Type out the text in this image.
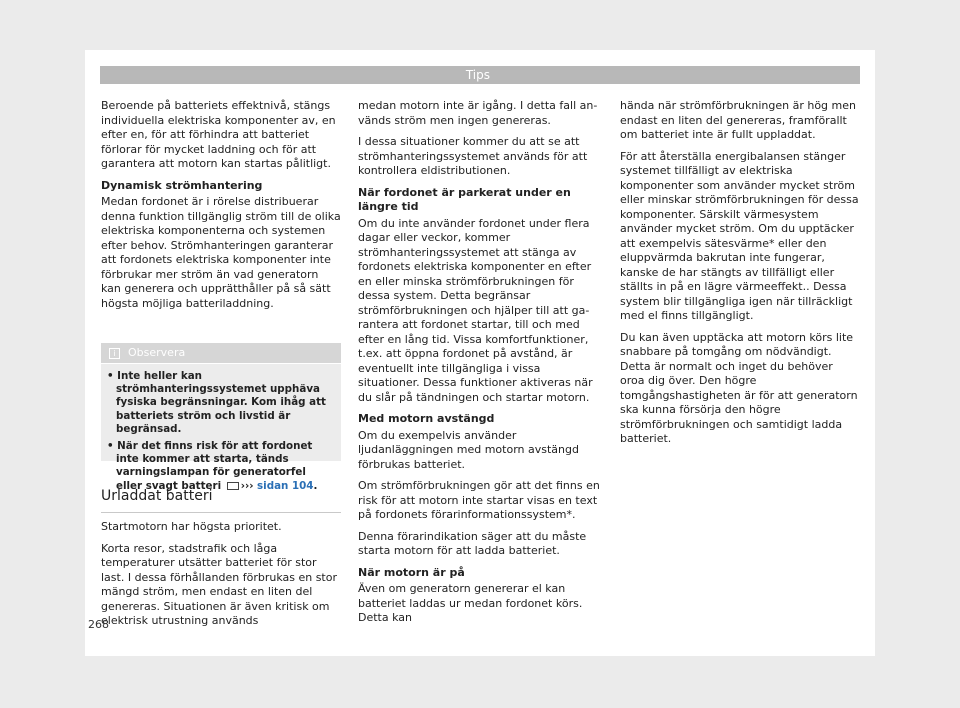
Tips

Beroende på batteriets effektnivå, stängs individuella elektriska komponenter av, en efter en, för att förhindra att batteriet förlorar för mycket laddning och för att garantera att motorn kan startas pålitligt.

Dynamisk strömhantering

Medan fordonet är i rörelse distribuerar denna funktion tillgänglig ström till de olika elektriska komponenterna och systemen efter behov. Strömhanteringen garanterar att fordonets elektriska komponenter inte förbrukar mer ström än vad generatorn kan generera och upprätthåller på så sätt högsta möjliga batteriladdning.

i Observera
• Inte heller kan strömhanteringssystemet upphäva fysiska begränsningar. Kom ihåg att batteriets ström och livstid är begränsad.
• När det finns risk för att fordonet inte kommer att starta, tänds varningslampan för generatorfel eller svagt batteri ››› sidan 104.
Urladdat batteri

Startmotorn har högsta prioritet.

Korta resor, stadstrafik och låga temperaturer utsätter batteriet för stor last. I dessa förhållanden förbrukas en stor mängd ström, men endast en liten del genereras. Situationen är även kritisk om elektrisk utrustning används

medan motorn inte är igång. I detta fall används ström men ingen genereras.

I dessa situationer kommer du att se att strömhanteringssystemet används för att kontrollera eldistributionen.

När fordonet är parkerat under en längre tid

Om du inte använder fordonet under flera dagar eller veckor, kommer strömhanteringssystemet att stänga av fordonets elektriska komponenter en efter en eller minska strömförbrukningen för dessa system. Detta begränsar strömförbrukningen och hjälper till att garantera att fordonet startar, till och med efter en lång tid. Vissa komfortfunktioner, t.ex. att öppna fordonet på avstånd, är eventuellt inte tillgängliga i vissa situationer. Dessa funktioner aktiveras när du slår på tändningen och startar motorn.

Med motorn avstängd

Om du exempelvis använder ljudanläggningen med motorn avstängd förbrukas batteriet.

Om strömförbrukningen gör att det finns en risk för att motorn inte startar visas en text på fordonets förarinformationssystem*.

Denna förarindikation säger att du måste starta motorn för att ladda batteriet.

När motorn är på

Även om generatorn genererar el kan batteriet laddas ur medan fordonet körs. Detta kan

hända när strömförbrukningen är hög men endast en liten del genereras, framförallt om batteriet inte är fullt uppladdat.

För att återställa energibalansen stänger systemet tillfälligt av elektriska komponenter som använder mycket ström eller minskar strömförbrukningen för dessa komponenter. Särskilt värmesystem använder mycket ström. Om du upptäcker att exempelvis sätesvärme* eller den eluppvärmda bakrutan inte fungerar, kanske de har stängts av tillfälligt eller ställts in på en lägre värmeeffekt.. Dessa system blir tillgängliga igen när tillräckligt med el finns tillgängligt.

Du kan även upptäcka att motorn körs lite snabbare på tomgång om nödvändigt. Detta är normalt och inget du behöver oroa dig över. Den högre tomgångshastigheten är för att generatorn ska kunna försörja den högre strömförbrukningen och samtidigt ladda batteriet.

268
